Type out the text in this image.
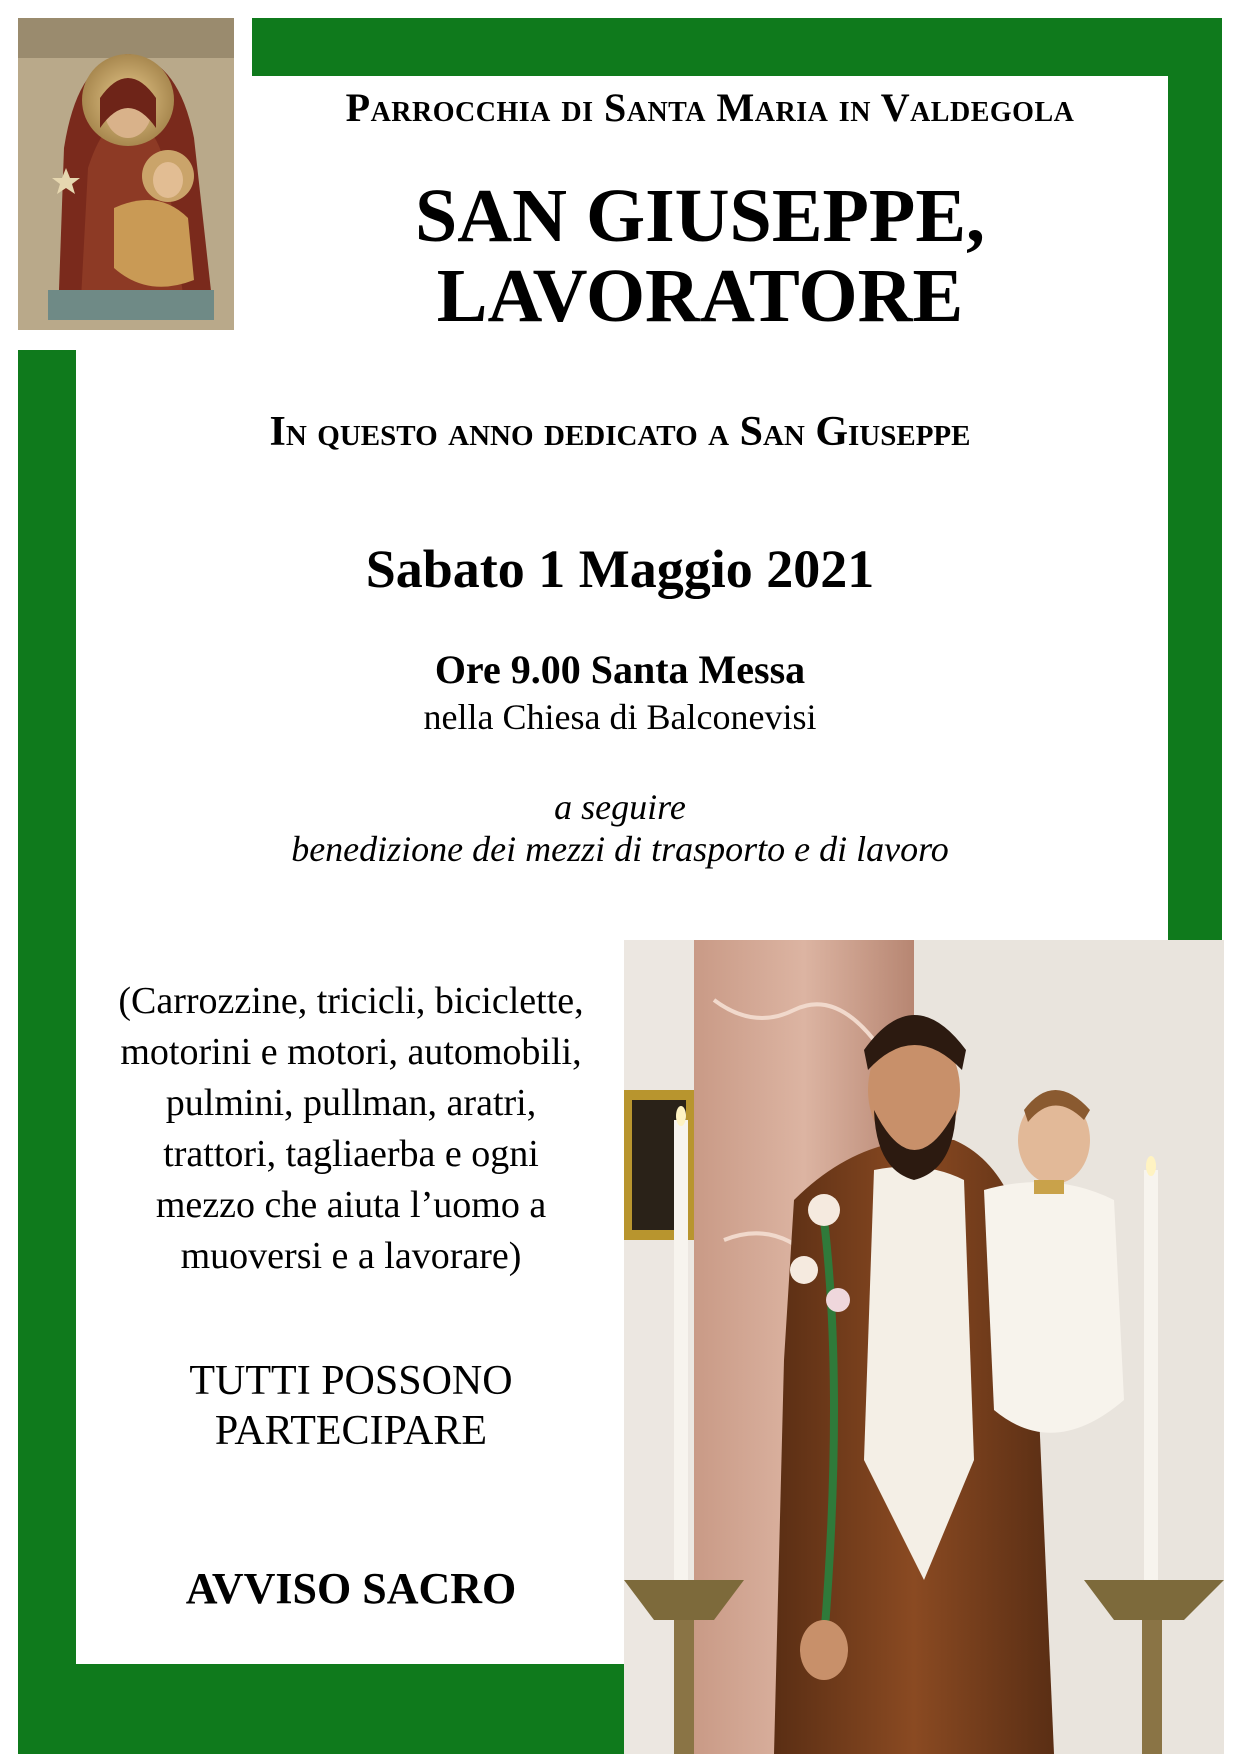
Parrocchia di Santa Maria in Valdegola
SAN GIUSEPPE,
LAVORATORE
In questo anno dedicato a San Giuseppe
Sabato 1 Maggio 2021
Ore 9.00 Santa Messa
nella Chiesa di Balconevisi
a seguire
benedizione dei mezzi di trasporto e di lavoro
(Carrozzine, tricicli, biciclette,
motorini e motori, automobili,
pulmini, pullman, aratri,
trattori, tagliaerba e ogni
mezzo che aiuta l’uomo a
muoversi e a lavorare)
TUTTI POSSONO
PARTECIPARE
AVVISO SACRO
